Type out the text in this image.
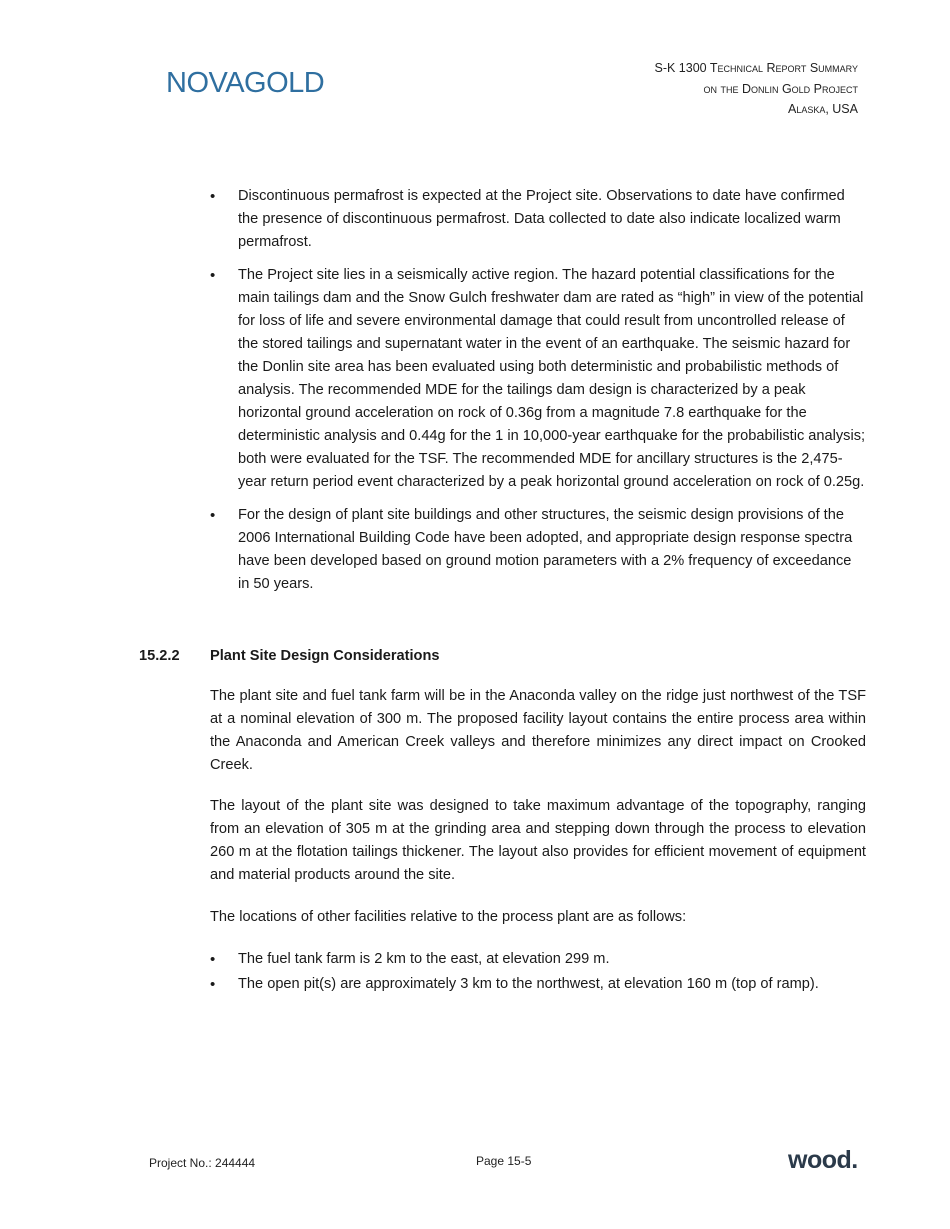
NOVAGOLD	S-K 1300 Technical Report Summary
on the Donlin Gold Project
Alaska, USA
• Discontinuous permafrost is expected at the Project site. Observations to date have confirmed the presence of discontinuous permafrost. Data collected to date also indicate localized warm permafrost.
• The Project site lies in a seismically active region. The hazard potential classifications for the main tailings dam and the Snow Gulch freshwater dam are rated as “high” in view of the potential for loss of life and severe environmental damage that could result from uncontrolled release of the stored tailings and supernatant water in the event of an earthquake. The seismic hazard for the Donlin site area has been evaluated using both deterministic and probabilistic methods of analysis. The recommended MDE for the tailings dam design is characterized by a peak horizontal ground acceleration on rock of 0.36g from a magnitude 7.8 earthquake for the deterministic analysis and 0.44g for the 1 in 10,000-year earthquake for the probabilistic analysis; both were evaluated for the TSF. The recommended MDE for ancillary structures is the 2,475-year return period event characterized by a peak horizontal ground acceleration on rock of 0.25g.
• For the design of plant site buildings and other structures, the seismic design provisions of the 2006 International Building Code have been adopted, and appropriate design response spectra have been developed based on ground motion parameters with a 2% frequency of exceedance in 50 years.
15.2.2 Plant Site Design Considerations

The plant site and fuel tank farm will be in the Anaconda valley on the ridge just northwest of the TSF at a nominal elevation of 300 m. The proposed facility layout contains the entire process area within the Anaconda and American Creek valleys and therefore minimizes any direct impact on Crooked Creek.

The layout of the plant site was designed to take maximum advantage of the topography, ranging from an elevation of 305 m at the grinding area and stepping down through the process to elevation 260 m at the flotation tailings thickener. The layout also provides for efficient movement of equipment and material products around the site.

The locations of other facilities relative to the process plant are as follows:

• The fuel tank farm is 2 km to the east, at elevation 299 m.
• The open pit(s) are approximately 3 km to the northwest, at elevation 160 m (top of ramp).
Project No.: 244444	Page 15-5	wood.
